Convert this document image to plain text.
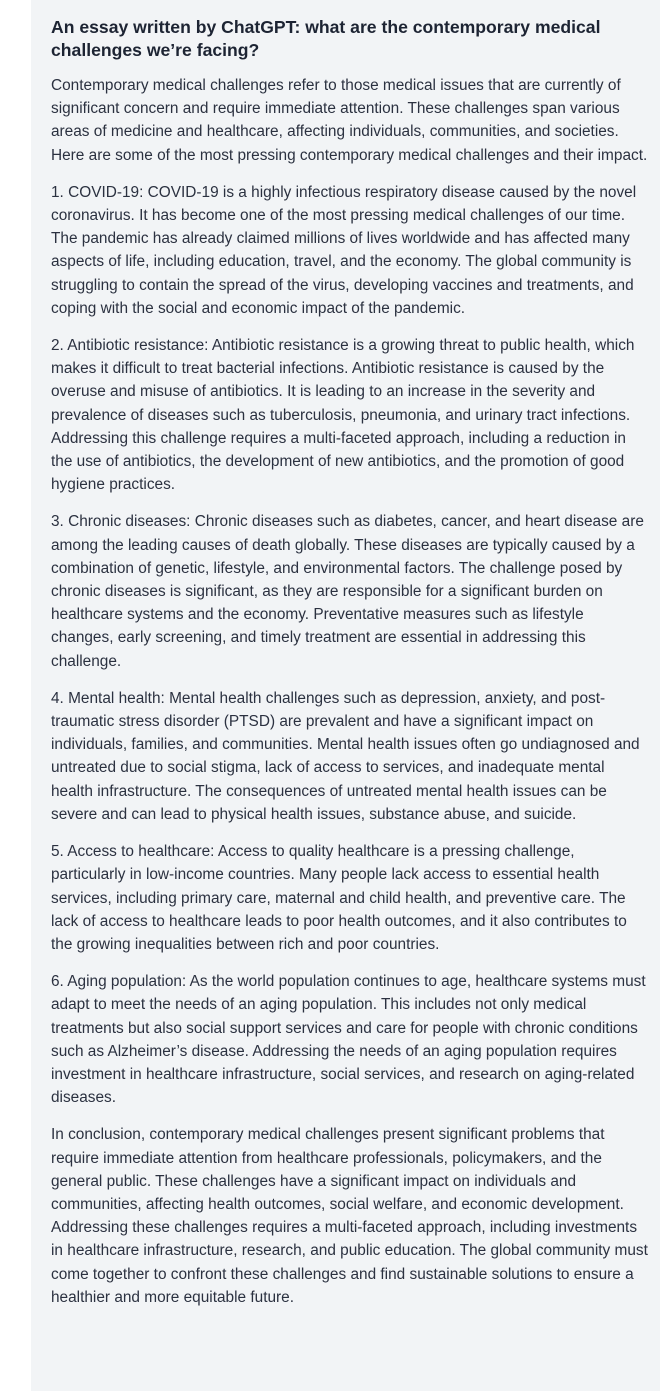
An essay written by ChatGPT: what are the contemporary medical challenges we’re facing?

Contemporary medical challenges refer to those medical issues that are currently of significant concern and require immediate attention. These challenges span various areas of medicine and healthcare, affecting individuals, communities, and societies. Here are some of the most pressing contemporary medical challenges and their impact.

1. COVID-19: COVID-19 is a highly infectious respiratory disease caused by the novel coronavirus. It has become one of the most pressing medical challenges of our time. The pandemic has already claimed millions of lives worldwide and has affected many aspects of life, including education, travel, and the economy. The global community is struggling to contain the spread of the virus, developing vaccines and treatments, and coping with the social and economic impact of the pandemic.

2. Antibiotic resistance: Antibiotic resistance is a growing threat to public health, which makes it difficult to treat bacterial infections. Antibiotic resistance is caused by the overuse and misuse of antibiotics. It is leading to an increase in the severity and prevalence of diseases such as tuberculosis, pneumonia, and urinary tract infections. Addressing this challenge requires a multi-faceted approach, including a reduction in the use of antibiotics, the development of new antibiotics, and the promotion of good hygiene practices.

3. Chronic diseases: Chronic diseases such as diabetes, cancer, and heart disease are among the leading causes of death globally. These diseases are typically caused by a combination of genetic, lifestyle, and environmental factors. The challenge posed by chronic diseases is significant, as they are responsible for a significant burden on healthcare systems and the economy. Preventative measures such as lifestyle changes, early screening, and timely treatment are essential in addressing this challenge.

4. Mental health: Mental health challenges such as depression, anxiety, and post-traumatic stress disorder (PTSD) are prevalent and have a significant impact on individuals, families, and communities. Mental health issues often go undiagnosed and untreated due to social stigma, lack of access to services, and inadequate mental health infrastructure. The consequences of untreated mental health issues can be severe and can lead to physical health issues, substance abuse, and suicide.

5. Access to healthcare: Access to quality healthcare is a pressing challenge, particularly in low-income countries. Many people lack access to essential health services, including primary care, maternal and child health, and preventive care. The lack of access to healthcare leads to poor health outcomes, and it also contributes to the growing inequalities between rich and poor countries.

6. Aging population: As the world population continues to age, healthcare systems must adapt to meet the needs of an aging population. This includes not only medical treatments but also social support services and care for people with chronic conditions such as Alzheimer’s disease. Addressing the needs of an aging population requires investment in healthcare infrastructure, social services, and research on aging-related diseases.

In conclusion, contemporary medical challenges present significant problems that require immediate attention from healthcare professionals, policymakers, and the general public. These challenges have a significant impact on individuals and communities, affecting health outcomes, social welfare, and economic development. Addressing these challenges requires a multi-faceted approach, including investments in healthcare infrastructure, research, and public education. The global community must come together to confront these challenges and find sustainable solutions to ensure a healthier and more equitable future.
